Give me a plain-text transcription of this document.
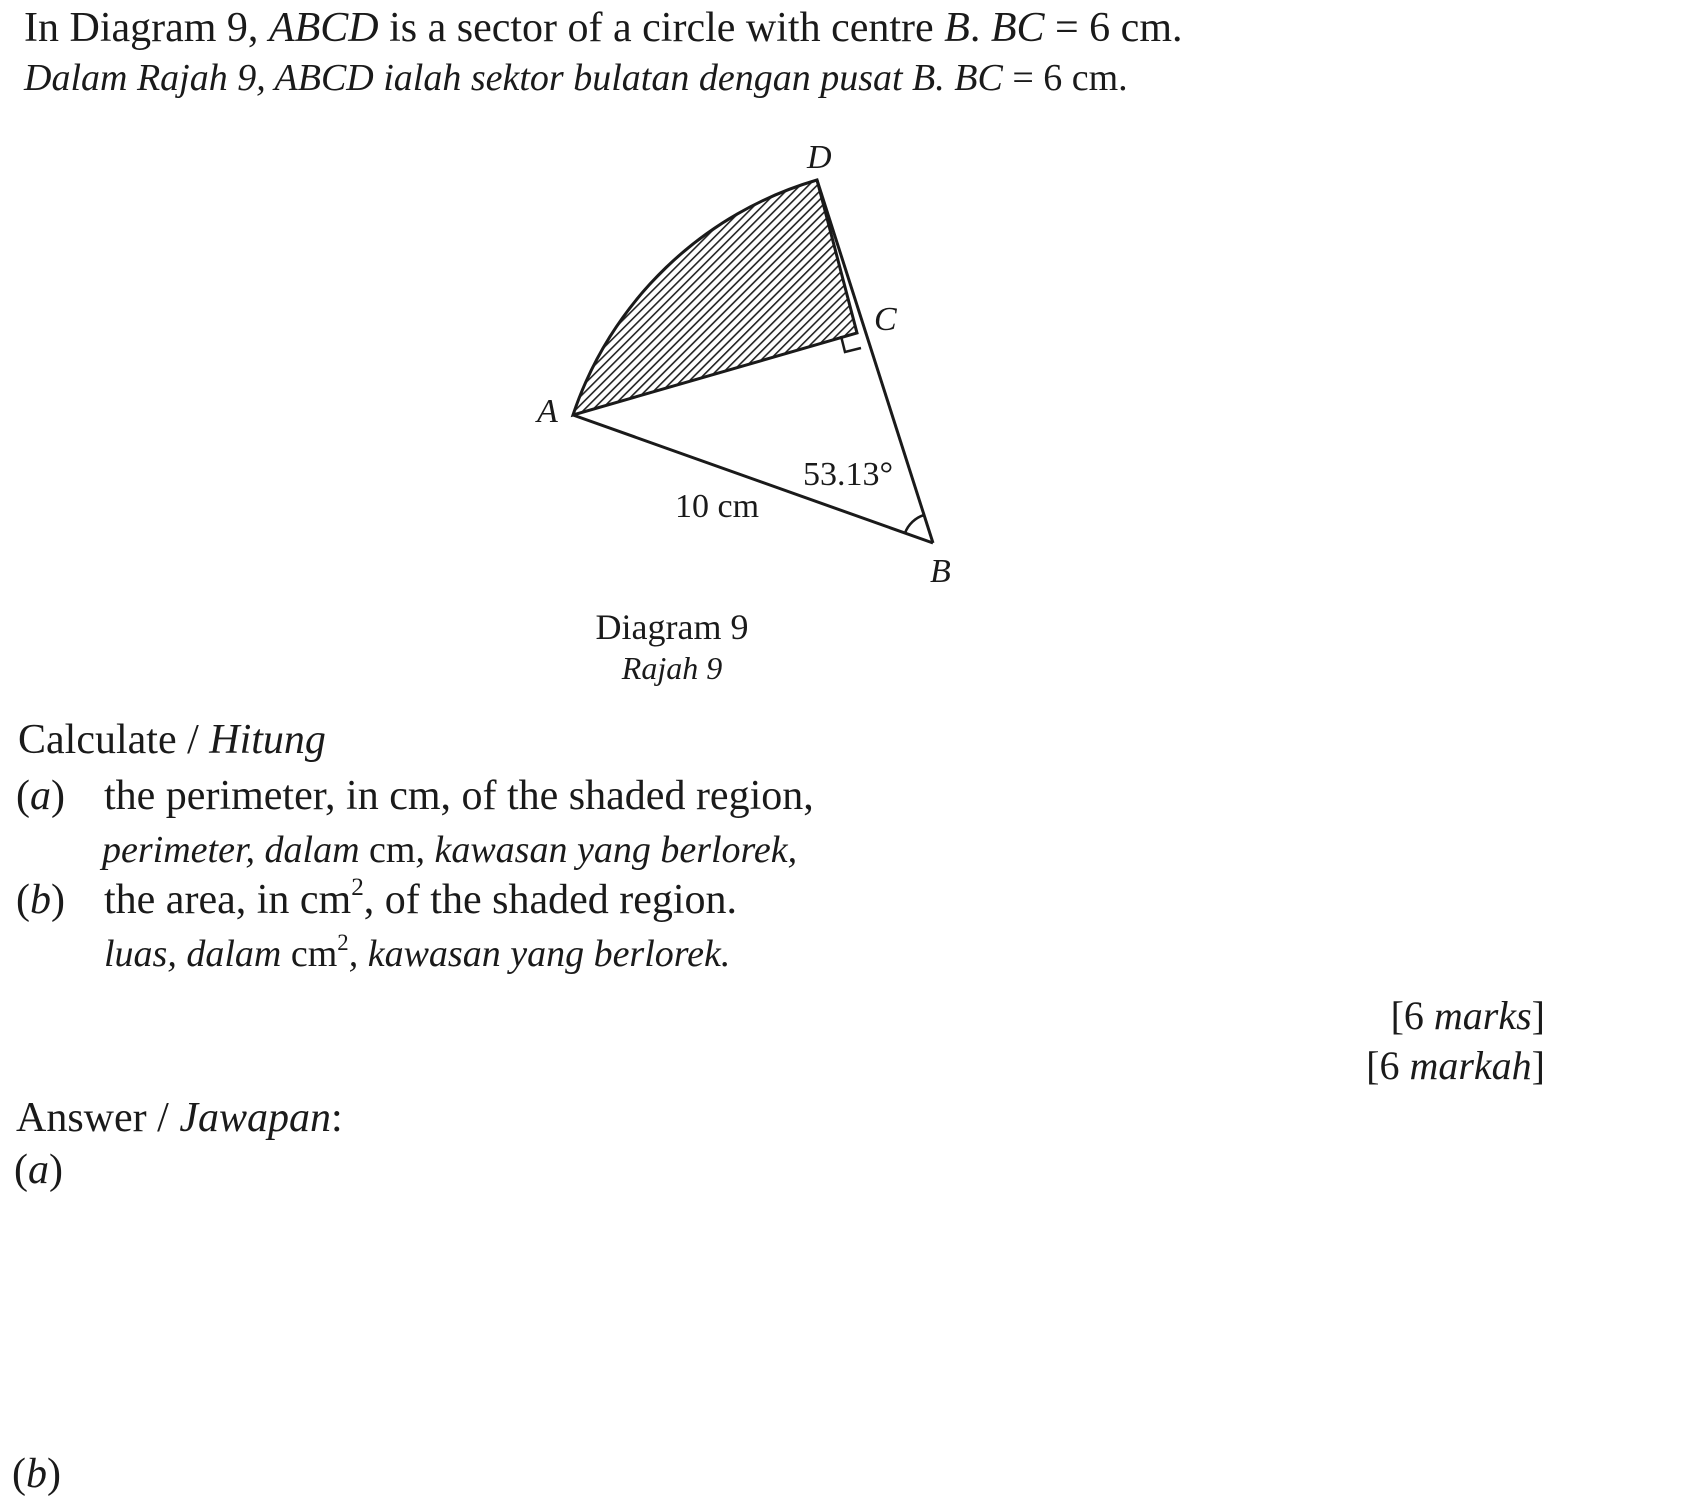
In Diagram 9, ABCD is a sector of a circle with centre B. BC = 6 cm.
Dalam Rajah 9, ABCD ialah sektor bulatan dengan pusat B. BC = 6 cm.
D
C
A
B
53.13°
10 cm
Diagram 9
Rajah 9
Calculate / Hitung
(a) the perimeter, in cm, of the shaded region,
perimeter, dalam cm, kawasan yang berlorek,
(b) the area, in $cm^2$, of the shaded region.
luas, dalam $cm^2$, kawasan yang berlorek.
[6 marks]
[6 markah]
Answer / Jawapan:
(a)
(b)
